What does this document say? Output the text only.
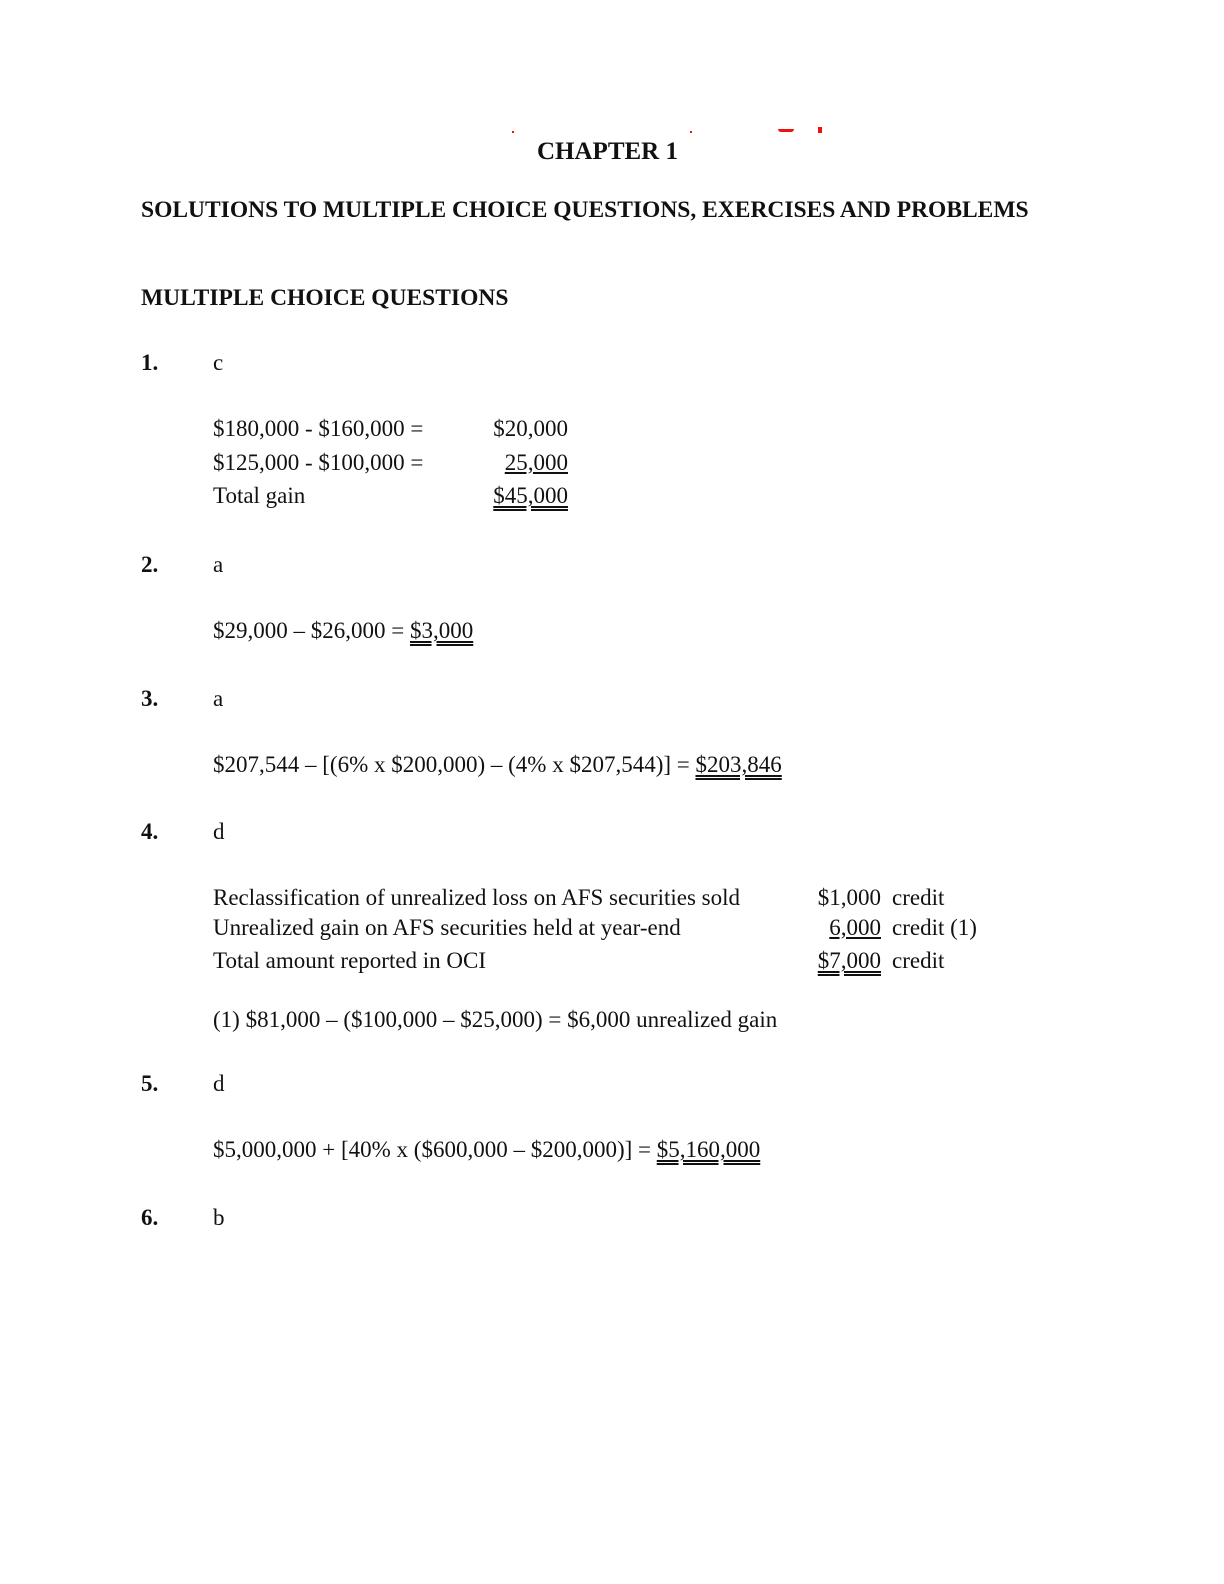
CHAPTER 1
SOLUTIONS TO MULTIPLE CHOICE QUESTIONS, EXERCISES AND PROBLEMS
MULTIPLE CHOICE QUESTIONS
1. c
$180,000 - $160,000 =	$20,000
$125,000 - $100,000 =	25,000
Total gain	$45,000
2. a
$29,000 – $26,000 = $3,000
3. a
$207,544 – [(6% x $200,000) – (4% x $207,544)] = $203,846
4. d
Reclassification of unrealized loss on AFS securities sold	$1,000 credit
Unrealized gain on AFS securities held at year-end	6,000 credit (1)
Total amount reported in OCI	$7,000 credit
(1) $81,000 – ($100,000 – $25,000) = $6,000 unrealized gain
5. d
$5,000,000 + [40% x ($600,000 – $200,000)] = $5,160,000
6. b
